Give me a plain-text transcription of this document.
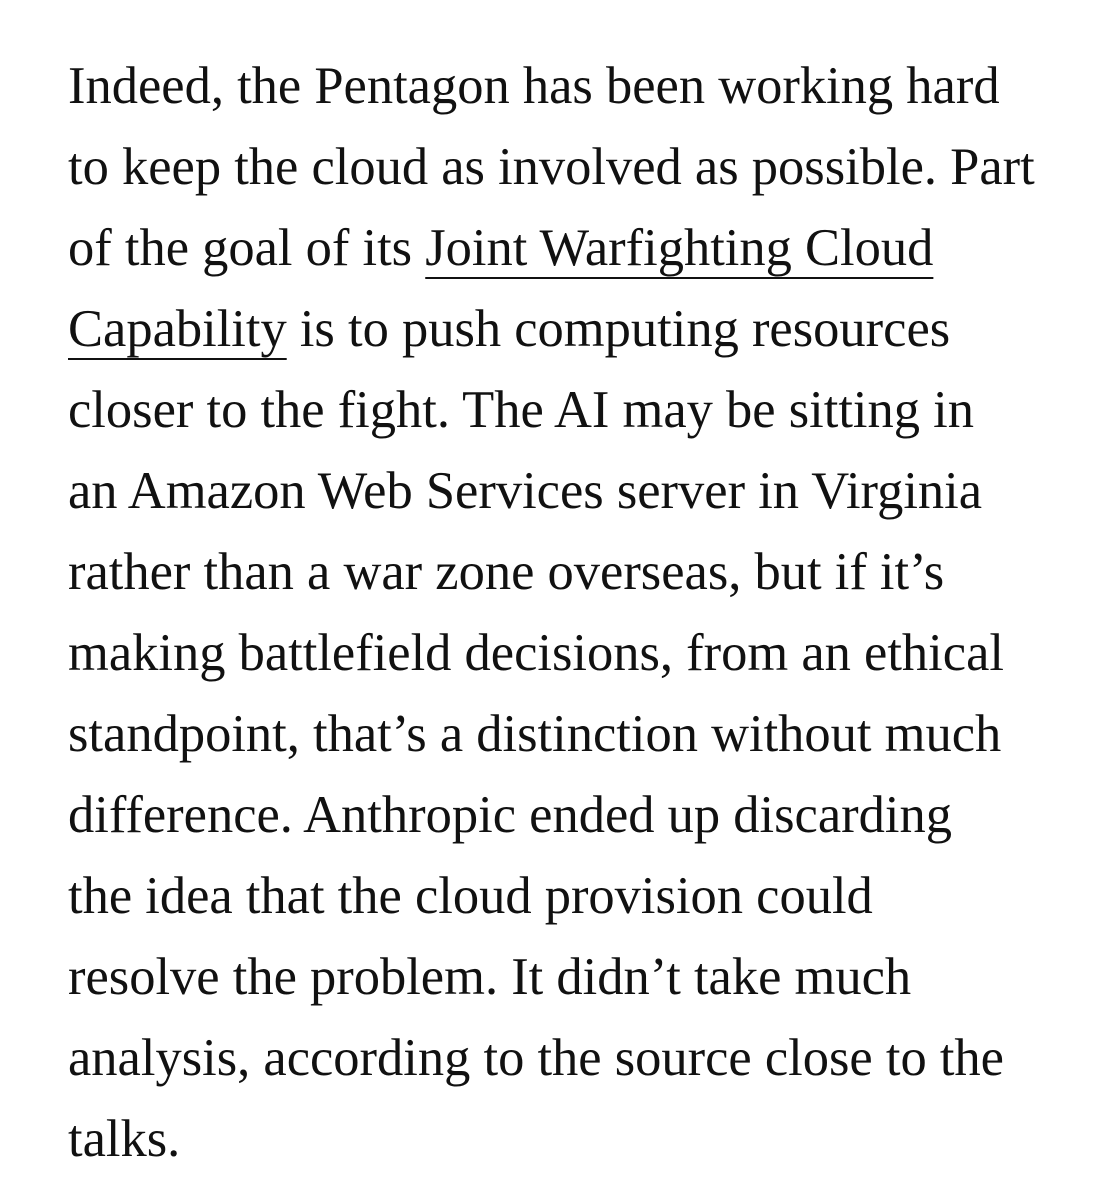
Indeed, the Pentagon has been working hard
to keep the cloud as involved as possible. Part
of the goal of its Joint Warfighting Cloud
Capability is to push computing resources
closer to the fight. The AI may be sitting in
an Amazon Web Services server in Virginia
rather than a war zone overseas, but if it’s
making battlefield decisions, from an ethical
standpoint, that’s a distinction without much
difference. Anthropic ended up discarding
the idea that the cloud provision could
resolve the problem. It didn’t take much
analysis, according to the source close to the
talks.
